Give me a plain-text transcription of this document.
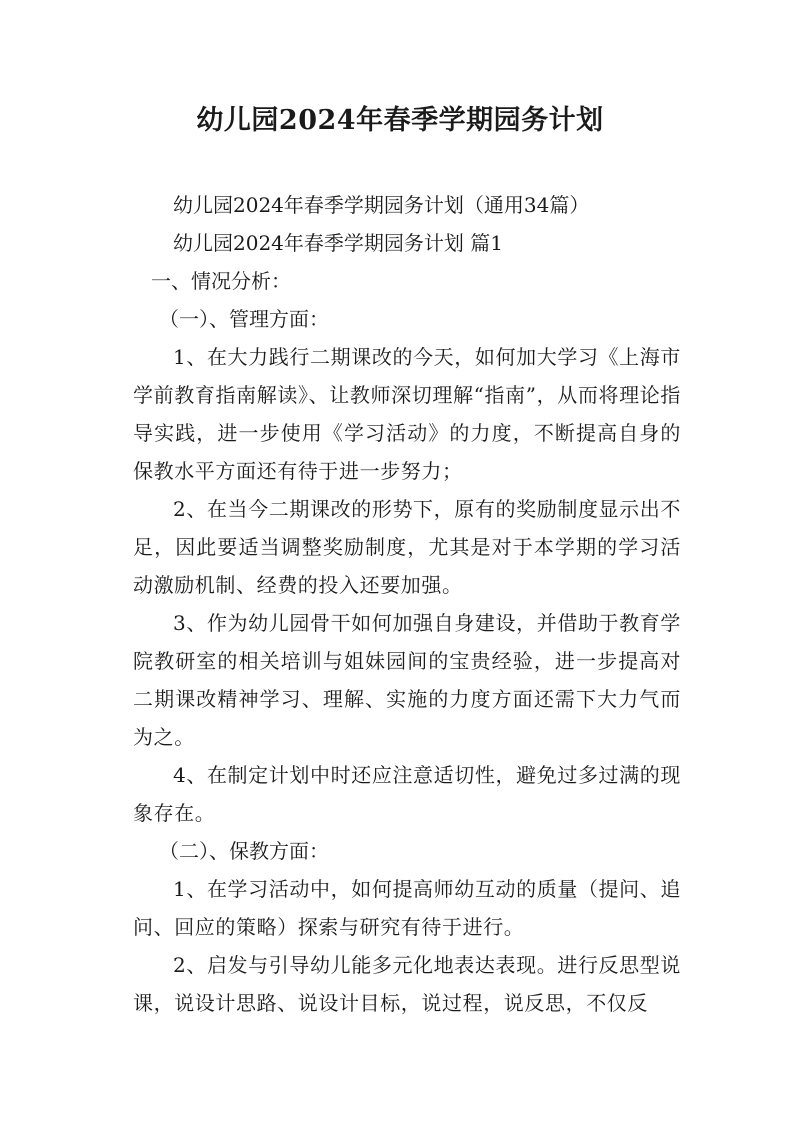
幼儿园2024年春季学期园务计划

幼儿园2024年春季学期园务计划（通用34篇）

幼儿园2024年春季学期园务计划 篇1

一、情况分析：

（一）、管理方面：

1、在大力践行二期课改的今天，如何加大学习《上海市学前教育指南解读》、让教师深切理解“指南”，从而将理论指导实践，进一步使用《学习活动》的力度，不断提高自身的保教水平方面还有待于进一步努力；

2、在当今二期课改的形势下，原有的奖励制度显示出不足，因此要适当调整奖励制度，尤其是对于本学期的学习活动激励机制、经费的投入还要加强。

3、作为幼儿园骨干如何加强自身建设，并借助于教育学院教研室的相关培训与姐妹园间的宝贵经验，进一步提高对二期课改精神学习、理解、实施的力度方面还需下大力气而为之。

4、在制定计划中时还应注意适切性，避免过多过满的现象存在。

（二）、保教方面：

1、在学习活动中，如何提高师幼互动的质量（提问、追问、回应的策略）探索与研究有待于进行。

2、启发与引导幼儿能多元化地表达表现。进行反思型说课，说设计思路、说设计目标，说过程，说反思，不仅反
